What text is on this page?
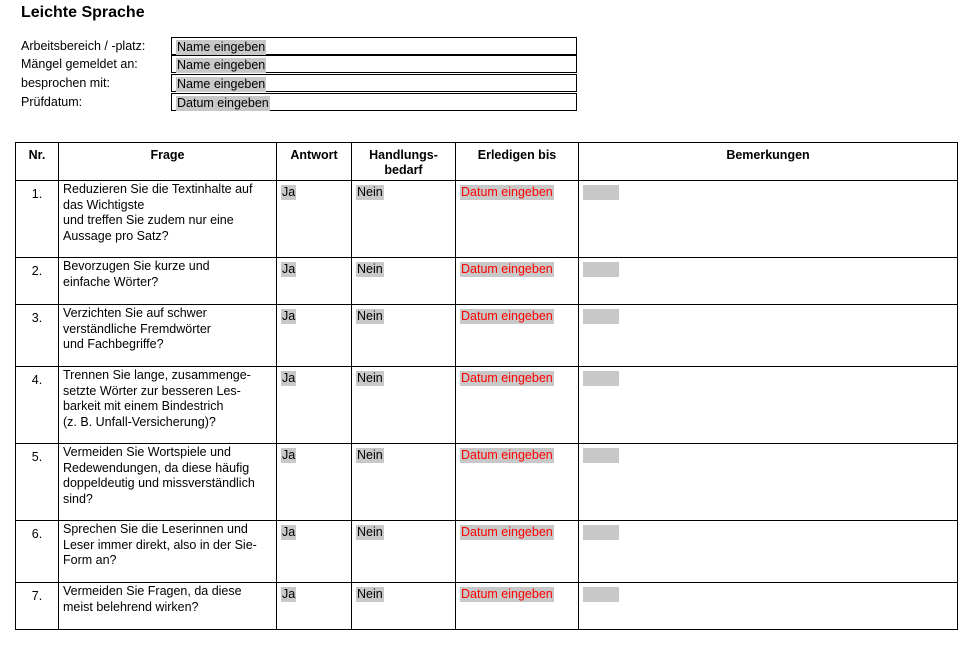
Leichte Sprache
Arbeitsbereich / -platz:	Name eingeben
Mängel gemeldet an:	Name eingeben
besprochen mit:	Name eingeben
Prüfdatum:	Datum eingeben
Nr.	Frage	Antwort	Handlungs-
bedarf	Erledigen bis	Bemerkungen
1.	Reduzieren Sie die Textinhalte auf
das Wichtigste
und treffen Sie zudem nur eine
Aussage pro Satz?	Ja	Nein	Datum eingeben	
2.	Bevorzugen Sie kurze und
einfache Wörter?	Ja	Nein	Datum eingeben	
3.	Verzichten Sie auf schwer
verständliche Fremdwörter
und Fachbegriffe?	Ja	Nein	Datum eingeben	
4.	Trennen Sie lange, zusammenge-
setzte Wörter zur besseren Les-
barkeit mit einem Bindestrich
(z. B. Unfall-Versicherung)?	Ja	Nein	Datum eingeben	
5.	Vermeiden Sie Wortspiele und
Redewendungen, da diese häufig
doppeldeutig und missverständlich
sind?	Ja	Nein	Datum eingeben	
6.	Sprechen Sie die Leserinnen und
Leser immer direkt, also in der Sie-
Form an?	Ja	Nein	Datum eingeben	
7.	Vermeiden Sie Fragen, da diese
meist belehrend wirken?	Ja	Nein	Datum eingeben	
